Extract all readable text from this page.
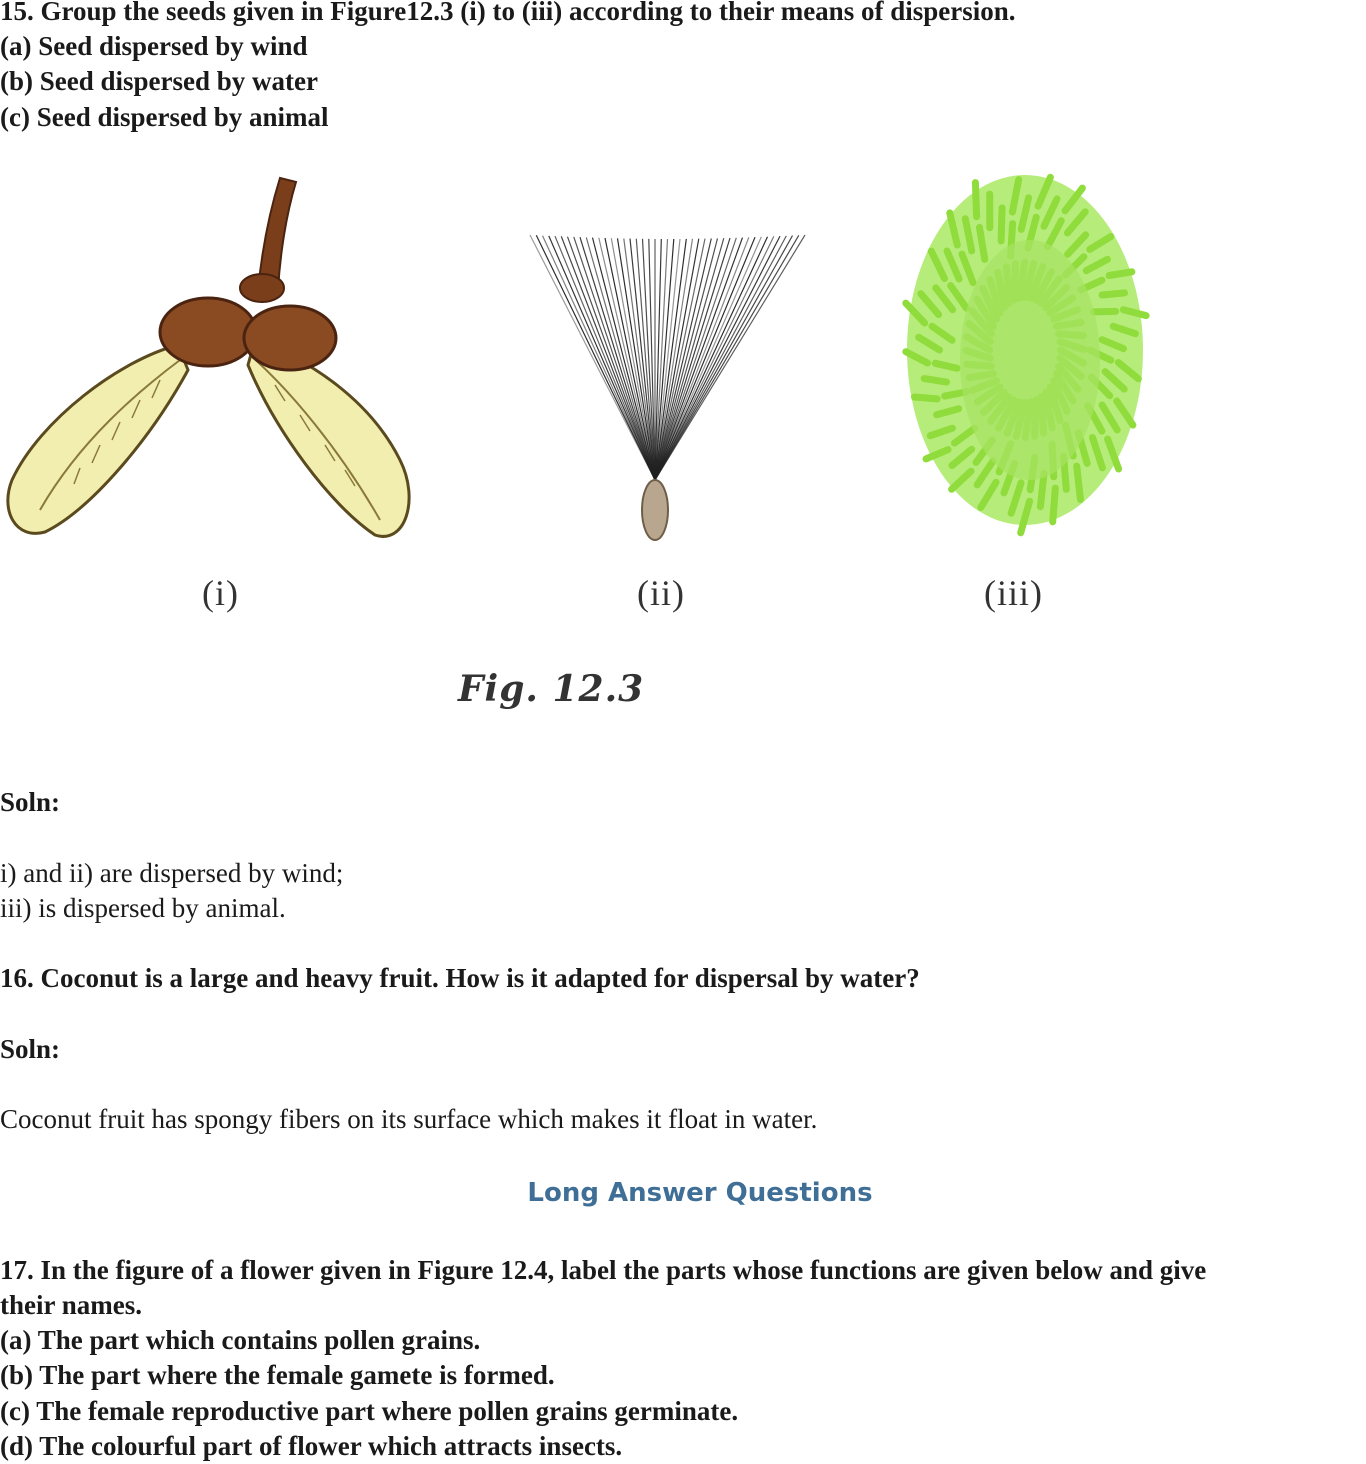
15. Group the seeds given in Figure12.3 (i) to (iii) according to their means of dispersion.

(a) Seed dispersed by wind

(b) Seed dispersed by water

(c) Seed dispersed by animal

(i)	(ii)	(iii)
Fig. 12.3

Soln:

i) and ii) are dispersed by wind;

iii) is dispersed by animal.

16. Coconut is a large and heavy fruit. How is it adapted for dispersal by water?

Soln:

Coconut fruit has spongy fibers on its surface which makes it float in water.

Long Answer Questions

17. In the figure of a flower given in Figure 12.4, label the parts whose functions are given below and give

their names.

(a) The part which contains pollen grains.

(b) The part where the female gamete is formed.

(c) The female reproductive part where pollen grains germinate.

(d) The colourful part of flower which attracts insects.
